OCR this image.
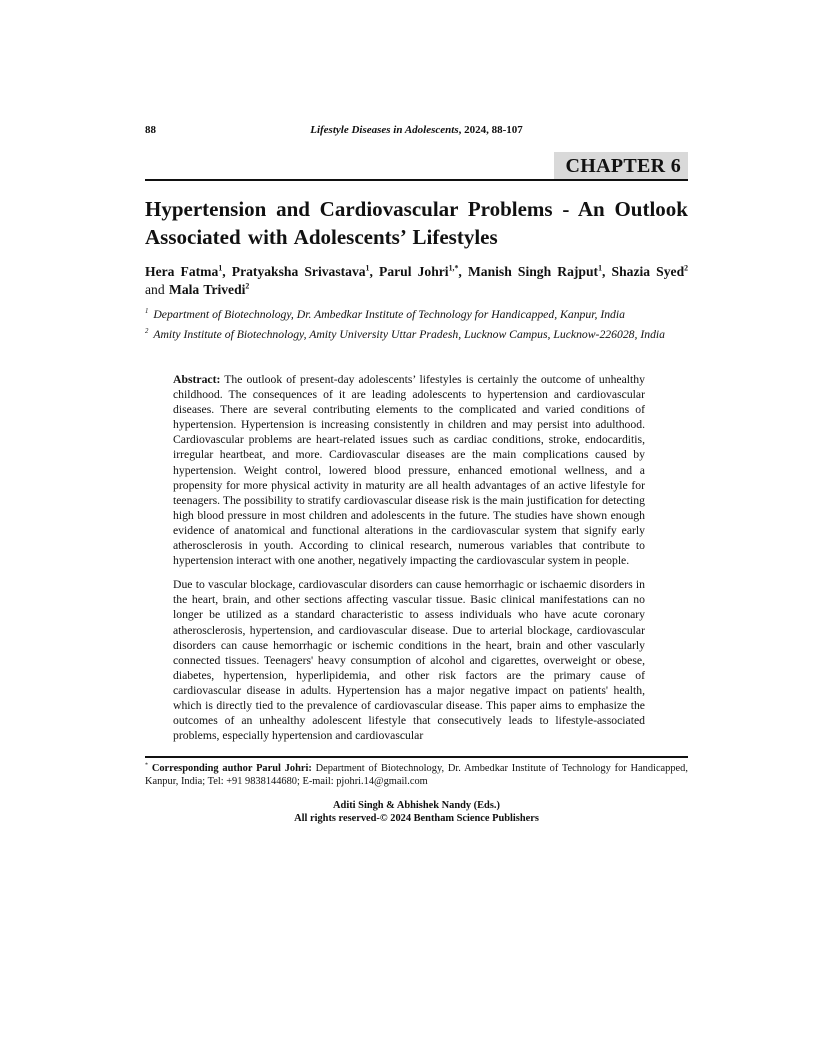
88	Lifestyle Diseases in Adolescents, 2024, 88-107
CHAPTER 6
Hypertension and Cardiovascular Problems - An Outlook Associated with Adolescents’ Lifestyles

Hera Fatma$^1$, Pratyaksha Srivastava$^1$, Parul Johri$^{1,*}$, Manish Singh Rajput$^1$, Shazia Syed$^2$ and Mala Trivedi$^2$

$^1$ Department of Biotechnology, Dr. Ambedkar Institute of Technology for Handicapped, Kanpur, India

$^2$ Amity Institute of Biotechnology, Amity University Uttar Pradesh, Lucknow Campus, Lucknow-226028, India

Abstract: The outlook of present-day adolescents’ lifestyles is certainly the outcome of unhealthy childhood. The consequences of it are leading adolescents to hypertension and cardiovascular diseases. There are several contributing elements to the complicated and varied conditions of hypertension. Hypertension is increasing consistently in children and may persist into adulthood. Cardiovascular problems are heart-related issues such as cardiac conditions, stroke, endocarditis, irregular heartbeat, and more. Cardiovascular diseases are the main complications caused by hypertension. Weight control, lowered blood pressure, enhanced emotional wellness, and a propensity for more physical activity in maturity are all health advantages of an active lifestyle for teenagers. The possibility to stratify cardiovascular disease risk is the main justification for detecting high blood pressure in most children and adolescents in the future. The studies have shown enough evidence of anatomical and functional alterations in the cardiovascular system that signify early atherosclerosis in youth. According to clinical research, numerous variables that contribute to hypertension interact with one another, negatively impacting the cardiovascular system in people.

Due to vascular blockage, cardiovascular disorders can cause hemorrhagic or ischaemic disorders in the heart, brain, and other sections affecting vascular tissue. Basic clinical manifestations can no longer be utilized as a standard characteristic to assess individuals who have acute coronary atherosclerosis, hypertension, and cardiovascular disease. Due to arterial blockage, cardiovascular disorders can cause hemorrhagic or ischemic conditions in the heart, brain and other vascularly connected tissues. Teenagers' heavy consumption of alcohol and cigarettes, overweight or obese, diabetes, hypertension, hyperlipidemia, and other risk factors are the primary cause of cardiovascular disease in adults. Hypertension has a major negative impact on patients' health, which is directly tied to the prevalence of cardiovascular disease. This paper aims to emphasize the outcomes of an unhealthy adolescent lifestyle that consecutively leads to lifestyle-associated problems, especially hypertension and cardiovascular

* Corresponding author Parul Johri: Department of Biotechnology, Dr. Ambedkar Institute of Technology for Handicapped, Kanpur, India; Tel: +91 9838144680; E-mail: pjohri.14@gmail.com

Aditi Singh & Abhishek Nandy (Eds.)
All rights reserved-© 2024 Bentham Science Publishers
